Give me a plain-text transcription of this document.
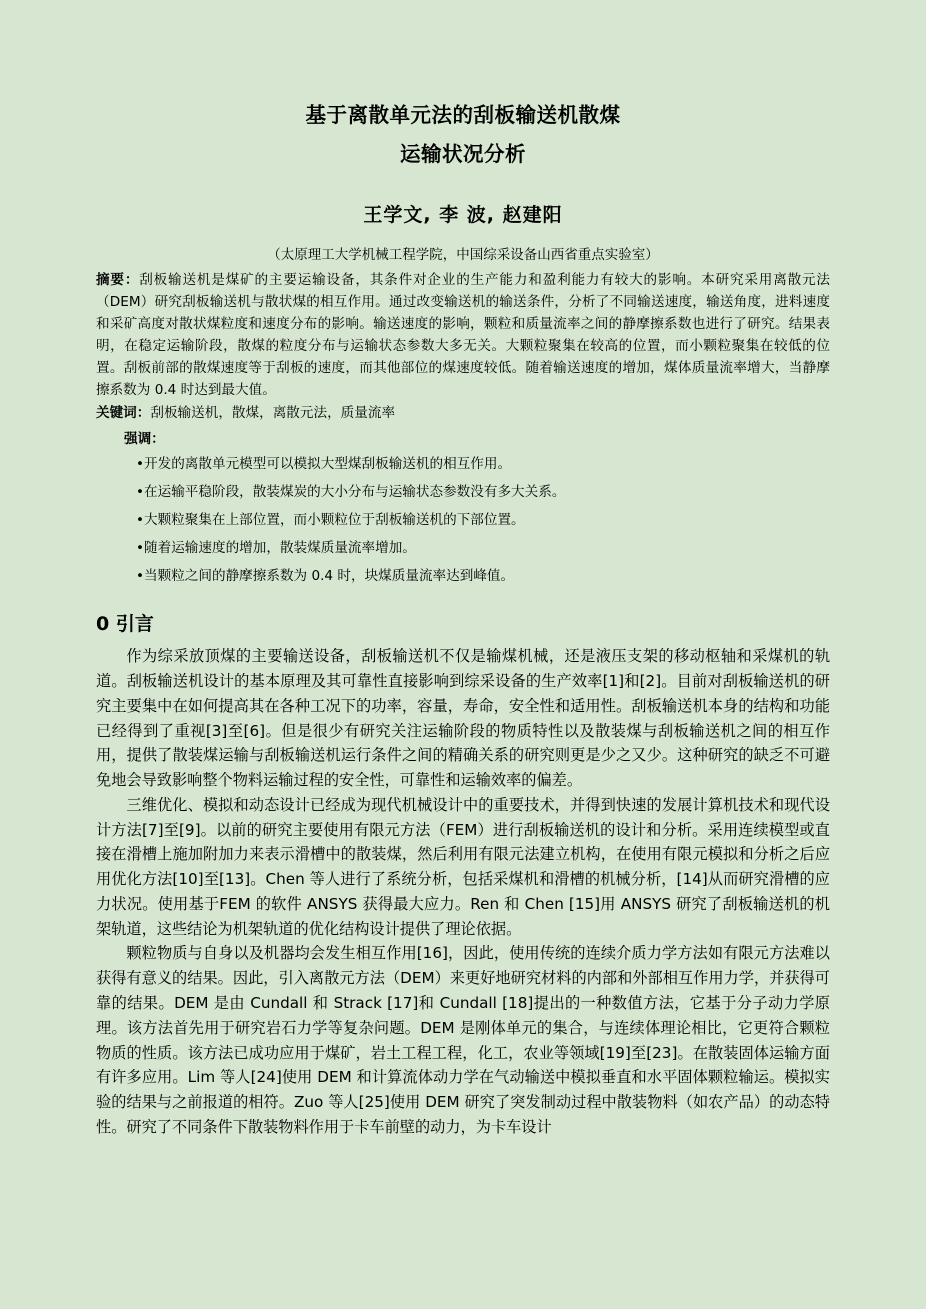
基于离散单元法的刮板输送机散煤
运输状况分析
王学文, 李 波, 赵建阳
（太原理工大学机械工程学院，中国综采设备山西省重点实验室）
摘要：刮板输送机是煤矿的主要运输设备，其条件对企业的生产能力和盈利能力有较大的影响。本研究采用离散元法（DEM）研究刮板输送机与散状煤的相互作用。通过改变输送机的输送条件，分析了不同输送速度，输送角度，进料速度和采矿高度对散状煤粒度和速度分布的影响。输送速度的影响，颗粒和质量流率之间的静摩擦系数也进行了研究。结果表明，在稳定运输阶段，散煤的粒度分布与运输状态参数大多无关。大颗粒聚集在较高的位置，而小颗粒聚集在较低的位置。刮板前部的散煤速度等于刮板的速度，而其他部位的煤速度较低。随着输送速度的增加，煤体质量流率增大，当静摩擦系数为 0.4 时达到最大值。
关键词：刮板输送机，散煤，离散元法，质量流率
强调：
•开发的离散单元模型可以模拟大型煤刮板输送机的相互作用。
•在运输平稳阶段，散装煤炭的大小分布与运输状态参数没有多大关系。
•大颗粒聚集在上部位置，而小颗粒位于刮板输送机的下部位置。
•随着运输速度的增加，散装煤质量流率增加。
•当颗粒之间的静摩擦系数为 0.4 时，块煤质量流率达到峰值。
0 引言

作为综采放顶煤的主要输送设备，刮板输送机不仅是输煤机械，还是液压支架的移动枢轴和采煤机的轨道。刮板输送机设计的基本原理及其可靠性直接影响到综采设备的生产效率[1]和[2]。目前对刮板输送机的研究主要集中在如何提高其在各种工况下的功率，容量，寿命，安全性和适用性。刮板输送机本身的结构和功能已经得到了重视[3]至[6]。但是很少有研究关注运输阶段的物质特性以及散装煤与刮板输送机之间的相互作用，提供了散装煤运输与刮板输送机运行条件之间的精确关系的研究则更是少之又少。这种研究的缺乏不可避免地会导致影响整个物料运输过程的安全性，可靠性和运输效率的偏差。

三维优化、模拟和动态设计已经成为现代机械设计中的重要技术，并得到快速的发展计算机技术和现代设计方法[7]至[9]。以前的研究主要使用有限元方法（FEM）进行刮板输送机的设计和分析。采用连续模型或直接在滑槽上施加附加力来表示滑槽中的散装煤，然后利用有限元法建立机构，在使用有限元模拟和分析之后应用优化方法[10]至[13]。Chen 等人进行了系统分析，包括采煤机和滑槽的机械分析，[14]从而研究滑槽的应力状况。使用基于FEM 的软件 ANSYS 获得最大应力。Ren 和 Chen [15]用 ANSYS 研究了刮板输送机的机架轨道，这些结论为机架轨道的优化结构设计提供了理论依据。

颗粒物质与自身以及机器均会发生相互作用[16]，因此，使用传统的连续介质力学方法如有限元方法难以获得有意义的结果。因此，引入离散元方法（DEM）来更好地研究材料的内部和外部相互作用力学，并获得可靠的结果。DEM 是由 Cundall 和 Strack [17]和 Cundall [18]提出的一种数值方法，它基于分子动力学原理。该方法首先用于研究岩石力学等复杂问题。DEM 是刚体单元的集合，与连续体理论相比，它更符合颗粒物质的性质。该方法已成功应用于煤矿，岩土工程工程，化工，农业等领域[19]至[23]。在散装固体运输方面有许多应用。Lim 等人[24]使用 DEM 和计算流体动力学在气动输送中模拟垂直和水平固体颗粒输运。模拟实验的结果与之前报道的相符。Zuo 等人[25]使用 DEM 研究了突发制动过程中散装物料（如农产品）的动态特性。研究了不同条件下散装物料作用于卡车前壁的动力，为卡车设计
